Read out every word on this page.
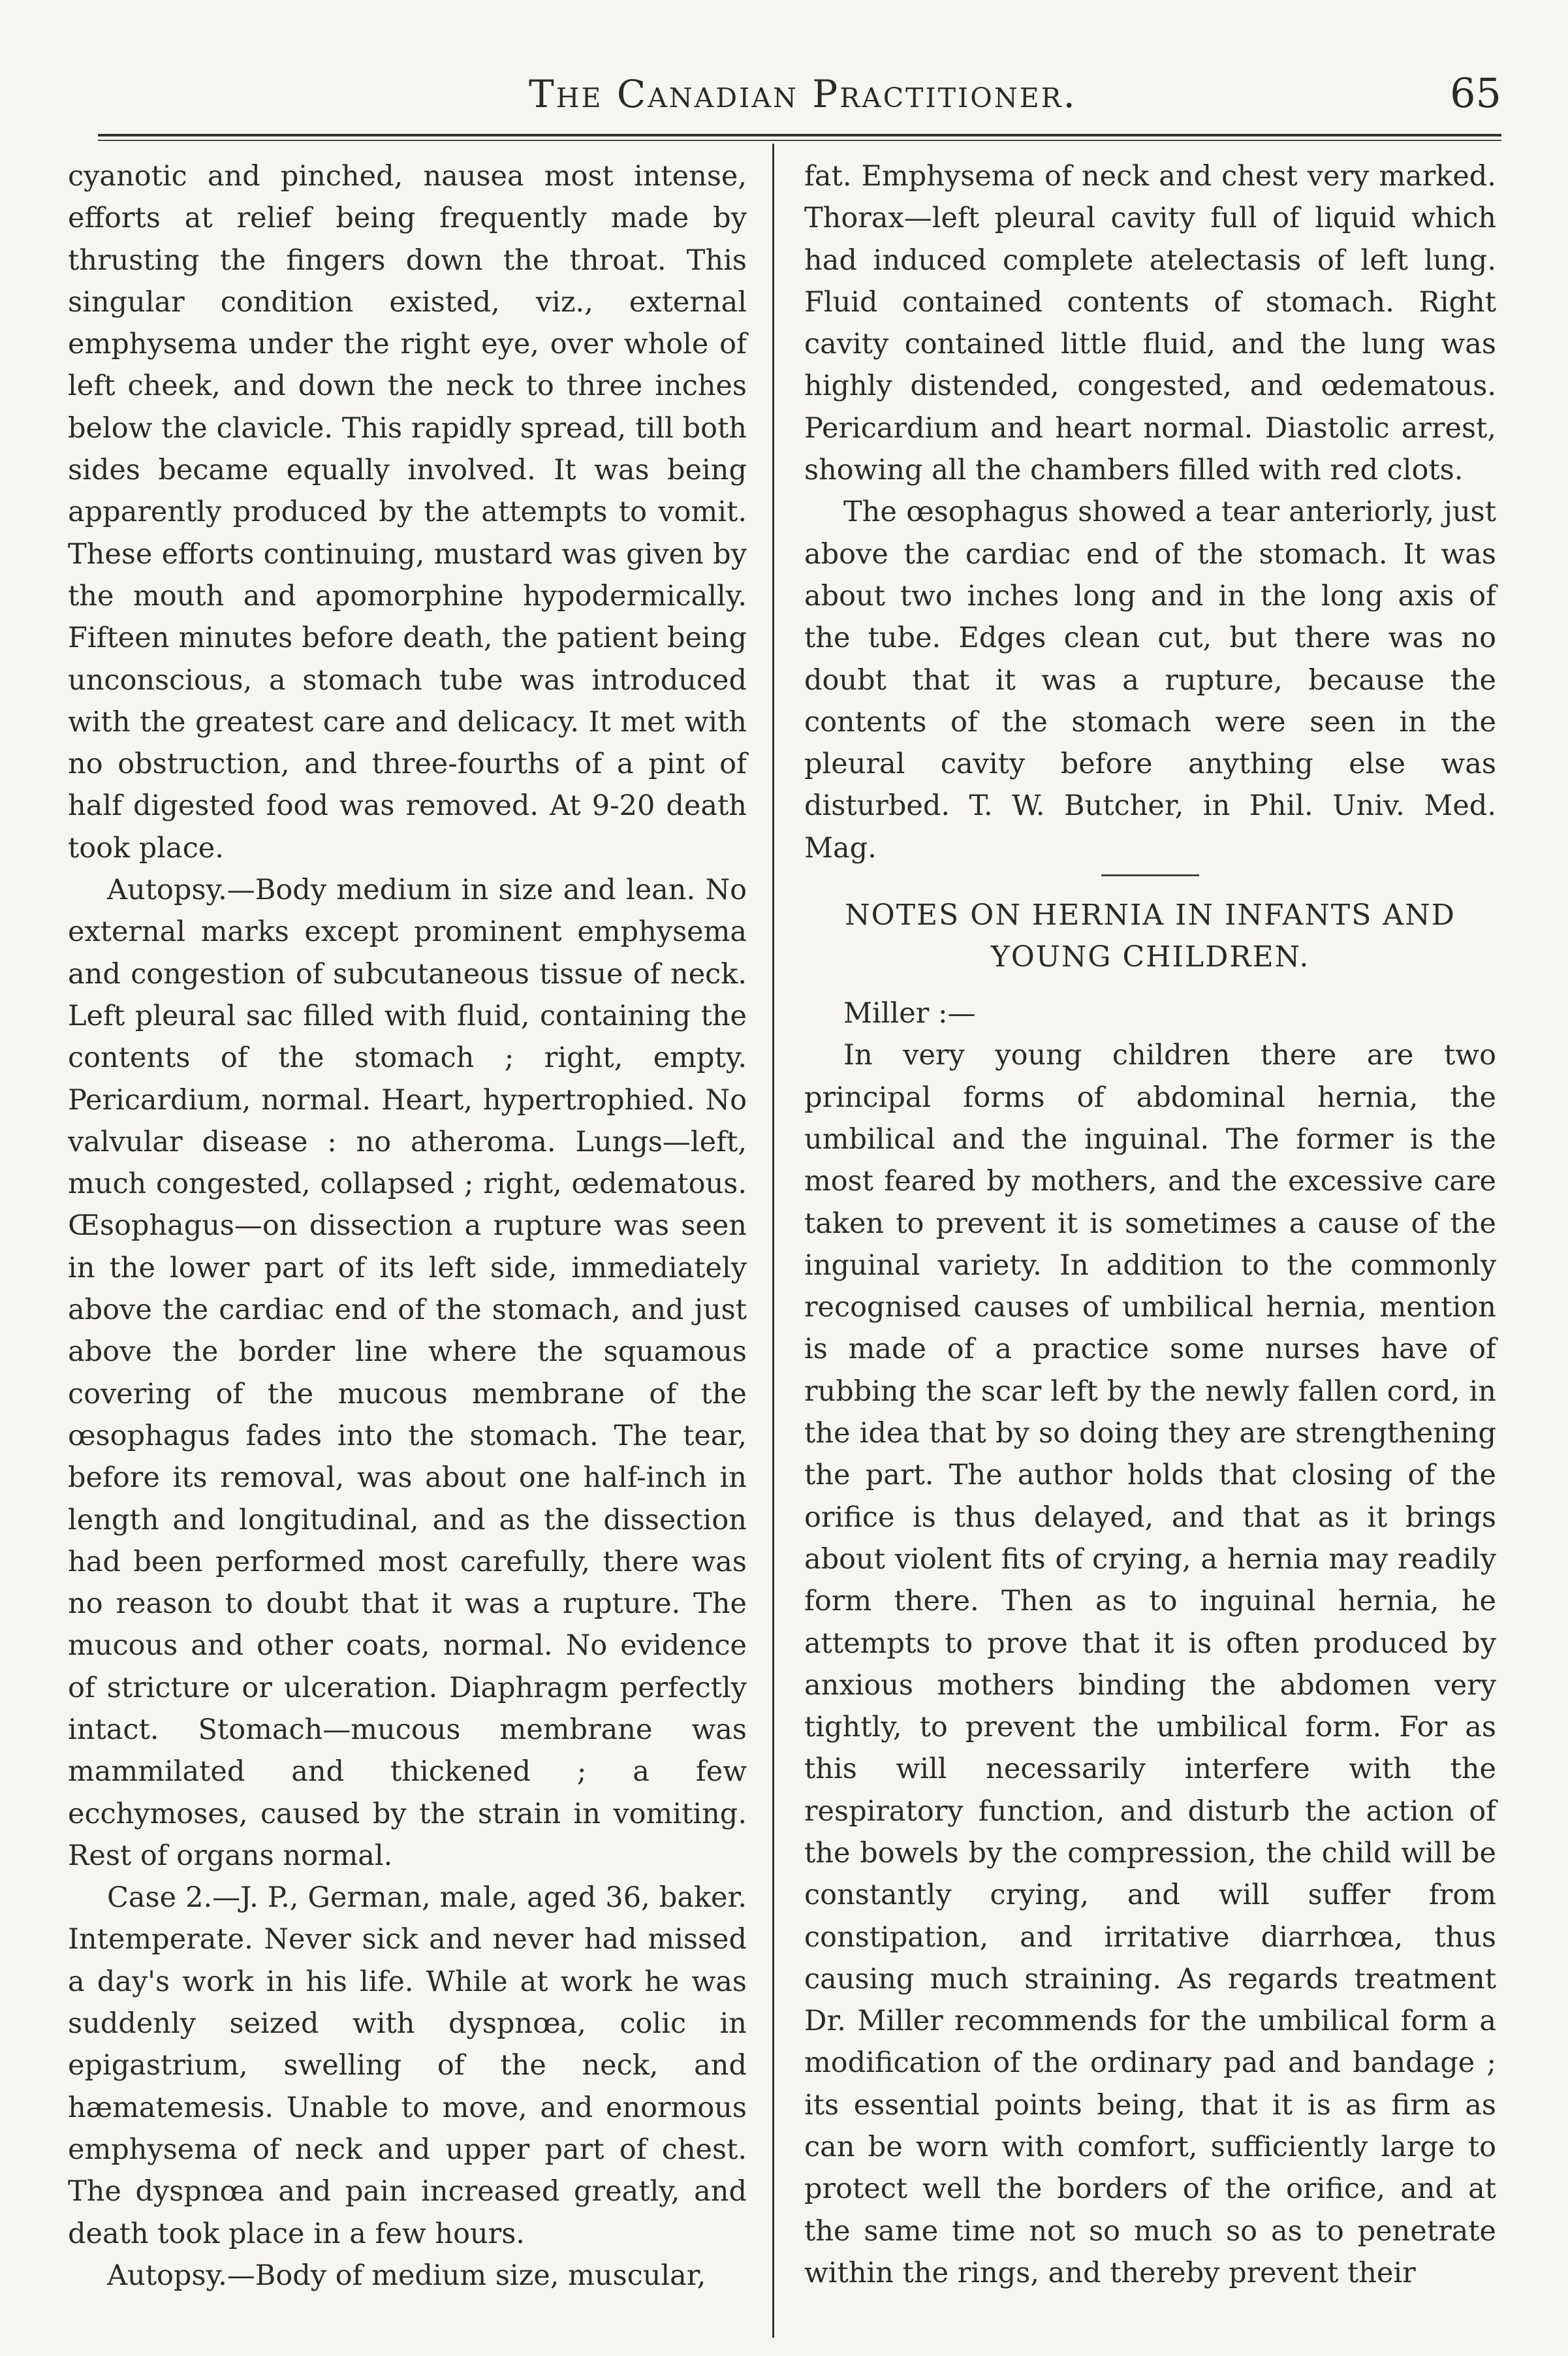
The Canadian Practitioner.	65

cyanotic and pinched, nausea most intense, efforts at relief being frequently made by thrusting the fingers down the throat. This singular condition existed, viz., external emphysema under the right eye, over whole of left cheek, and down the neck to three inches below the clavicle. This rapidly spread, till both sides became equally involved. It was being apparently produced by the attempts to vomit. These efforts continuing, mustard was given by the mouth and apomorphine hypodermically. Fifteen minutes before death, the patient being unconscious, a stomach tube was introduced with the greatest care and delicacy. It met with no obstruction, and three-fourths of a pint of half digested food was removed. At 9-20 death took place.

Autopsy.—Body medium in size and lean. No external marks except prominent emphysema and congestion of subcutaneous tissue of neck. Left pleural sac filled with fluid, containing the contents of the stomach ; right, empty. Pericardium, normal. Heart, hypertrophied. No valvular disease : no atheroma. Lungs—left, much congested, collapsed ; right, œdematous. Œsophagus—on dissection a rupture was seen in the lower part of its left side, immediately above the cardiac end of the stomach, and just above the border line where the squamous covering of the mucous membrane of the œsophagus fades into the stomach. The tear, before its removal, was about one half-inch in length and longitudinal, and as the dissection had been performed most carefully, there was no reason to doubt that it was a rupture. The mucous and other coats, normal. No evidence of stricture or ulceration. Diaphragm perfectly intact. Stomach—mucous membrane was mammilated and thickened ; a few ecchymoses, caused by the strain in vomiting. Rest of organs normal.

Case 2.—J. P., German, male, aged 36, baker. Intemperate. Never sick and never had missed a day's work in his life. While at work he was suddenly seized with dyspnœa, colic in epigastrium, swelling of the neck, and hæmatemesis. Unable to move, and enormous emphysema of neck and upper part of chest. The dyspnœa and pain increased greatly, and death took place in a few hours.

Autopsy.—Body of medium size, muscular,

fat. Emphysema of neck and chest very marked. Thorax—left pleural cavity full of liquid which had induced complete atelectasis of left lung. Fluid contained contents of stomach. Right cavity contained little fluid, and the lung was highly distended, congested, and œdematous. Pericardium and heart normal. Diastolic arrest, showing all the chambers filled with red clots.

The œsophagus showed a tear anteriorly, just above the cardiac end of the stomach. It was about two inches long and in the long axis of the tube. Edges clean cut, but there was no doubt that it was a rupture, because the contents of the stomach were seen in the pleural cavity before anything else was disturbed. T. W. Butcher, in Phil. Univ. Med. Mag.

NOTES ON HERNIA IN INFANTS AND YOUNG CHILDREN.

Miller :—

In very young children there are two principal forms of abdominal hernia, the umbilical and the inguinal. The former is the most feared by mothers, and the excessive care taken to prevent it is sometimes a cause of the inguinal variety. In addition to the commonly recognised causes of umbilical hernia, mention is made of a practice some nurses have of rubbing the scar left by the newly fallen cord, in the idea that by so doing they are strengthening the part. The author holds that closing of the orifice is thus delayed, and that as it brings about violent fits of crying, a hernia may readily form there. Then as to inguinal hernia, he attempts to prove that it is often produced by anxious mothers binding the abdomen very tightly, to prevent the umbilical form. For as this will necessarily interfere with the respiratory function, and disturb the action of the bowels by the compression, the child will be constantly crying, and will suffer from constipation, and irritative diarrhœa, thus causing much straining. As regards treatment Dr. Miller recommends for the umbilical form a modification of the ordinary pad and bandage ; its essential points being, that it is as firm as can be worn with comfort, sufficiently large to protect well the borders of the orifice, and at the same time not so much so as to penetrate within the rings, and thereby prevent their
